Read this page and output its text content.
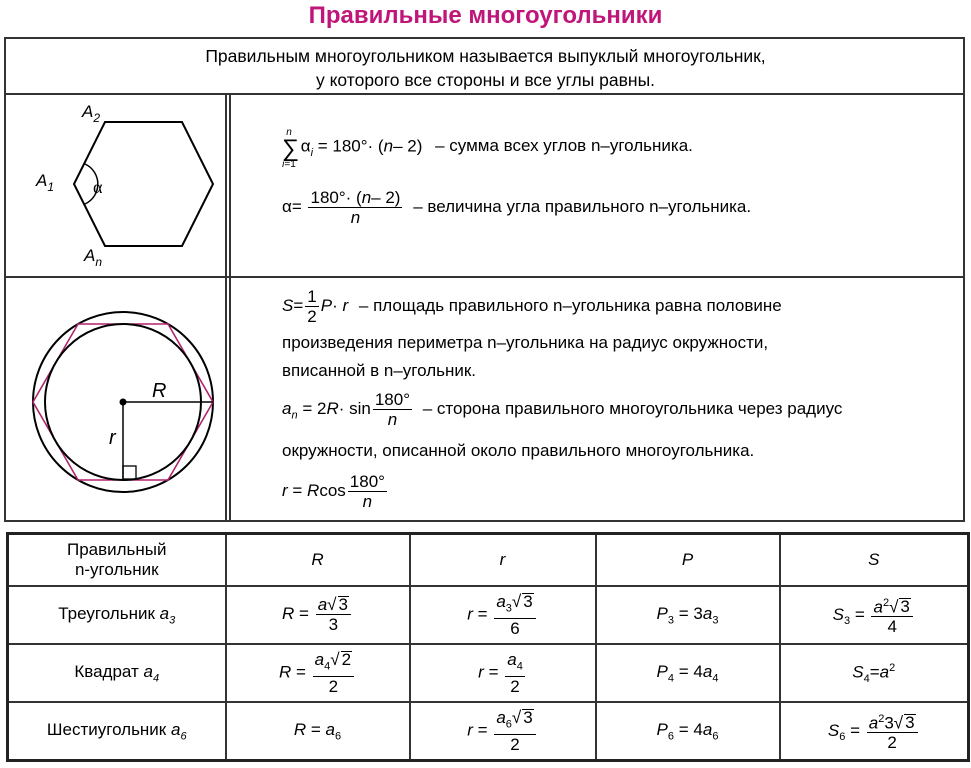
Правильные многоугольники
Правильным многоугольником называется выпуклый многоугольник,
у которого все стороны и все углы равны.
$A_2$
$A_1$
$A_n$
α
R
r
n
∑
i=1
$\alpha_i = 180^\circ\cdot (n-$ 2) – сумма всех углов n–угольника.
$\alpha= \frac{180^\circ\cdot (n- 2)}{n}$ – величина угла правильного n–угольника.
$S= \frac{1}{2} P\cdot r$ – площадь правильного n–угольника равна половине
произведения периметра n–угольника на радиус окружности,
вписанной в n–угольник.
$a_n = 2R\cdot \sin \frac{180^\circ}{n}$ – сторона правильного многоугольника через радиус
окружности, описанной около правильного многоугольника.
r = Rcos $\frac{180^\circ}{n}$
Правильный
n-угольник	R	r	P	S
Треугольник $a_3$	$R = \frac{a√ 3}{3}$	$r = \frac{a_3√ 3}{6}$	$P_3 = 3a_3$	$S_3 = \frac{a^2√ 3}{4}$

Квадрат $a_4$	$R = \frac{a_4√ 2}{2}$	$r = \frac{a_4}{2}$	$P_4 = 4a_4$	$S_4=a^2$
Шестиугольник $a_6$	$R = a_6$	$r = \frac{a_6√ 3}{2}$	$P_6 = 4a_6$	$S_6 = \frac{a^23√ 3}{2}$
